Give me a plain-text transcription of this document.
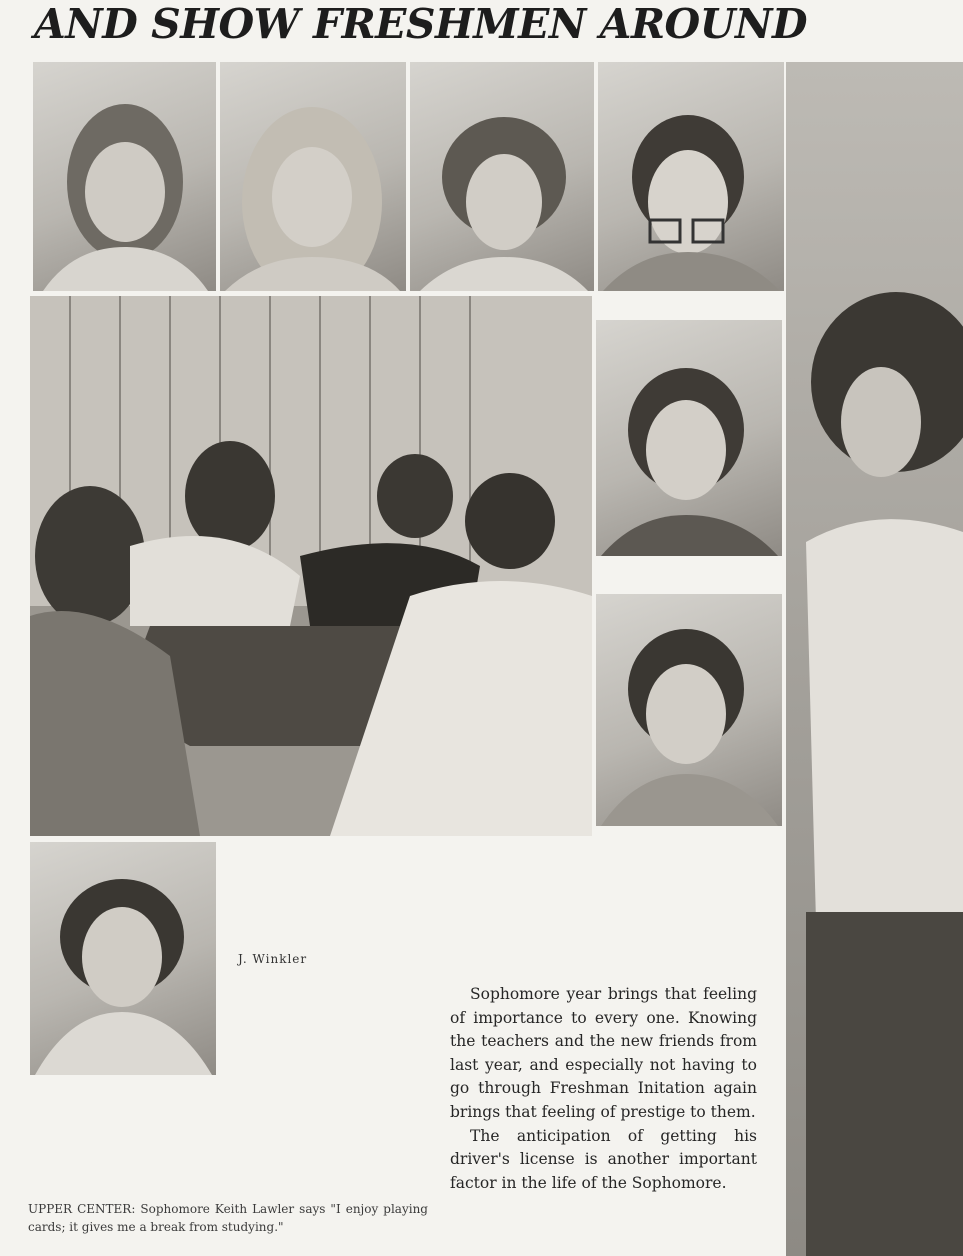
AND SHOW FRESHMEN AROUND
J. Winkler

Sophomore year brings that feeling of importance to every one. Knowing the teachers and the new friends from last year, and especially not having to go through Freshman Initation again brings that feeling of prestige to them.

The anticipation of getting his driver's license is another important factor in the life of the Sophomore.

UPPER CENTER: Sophomore Keith Lawler says "I enjoy playing cards; it gives me a break from studying."
